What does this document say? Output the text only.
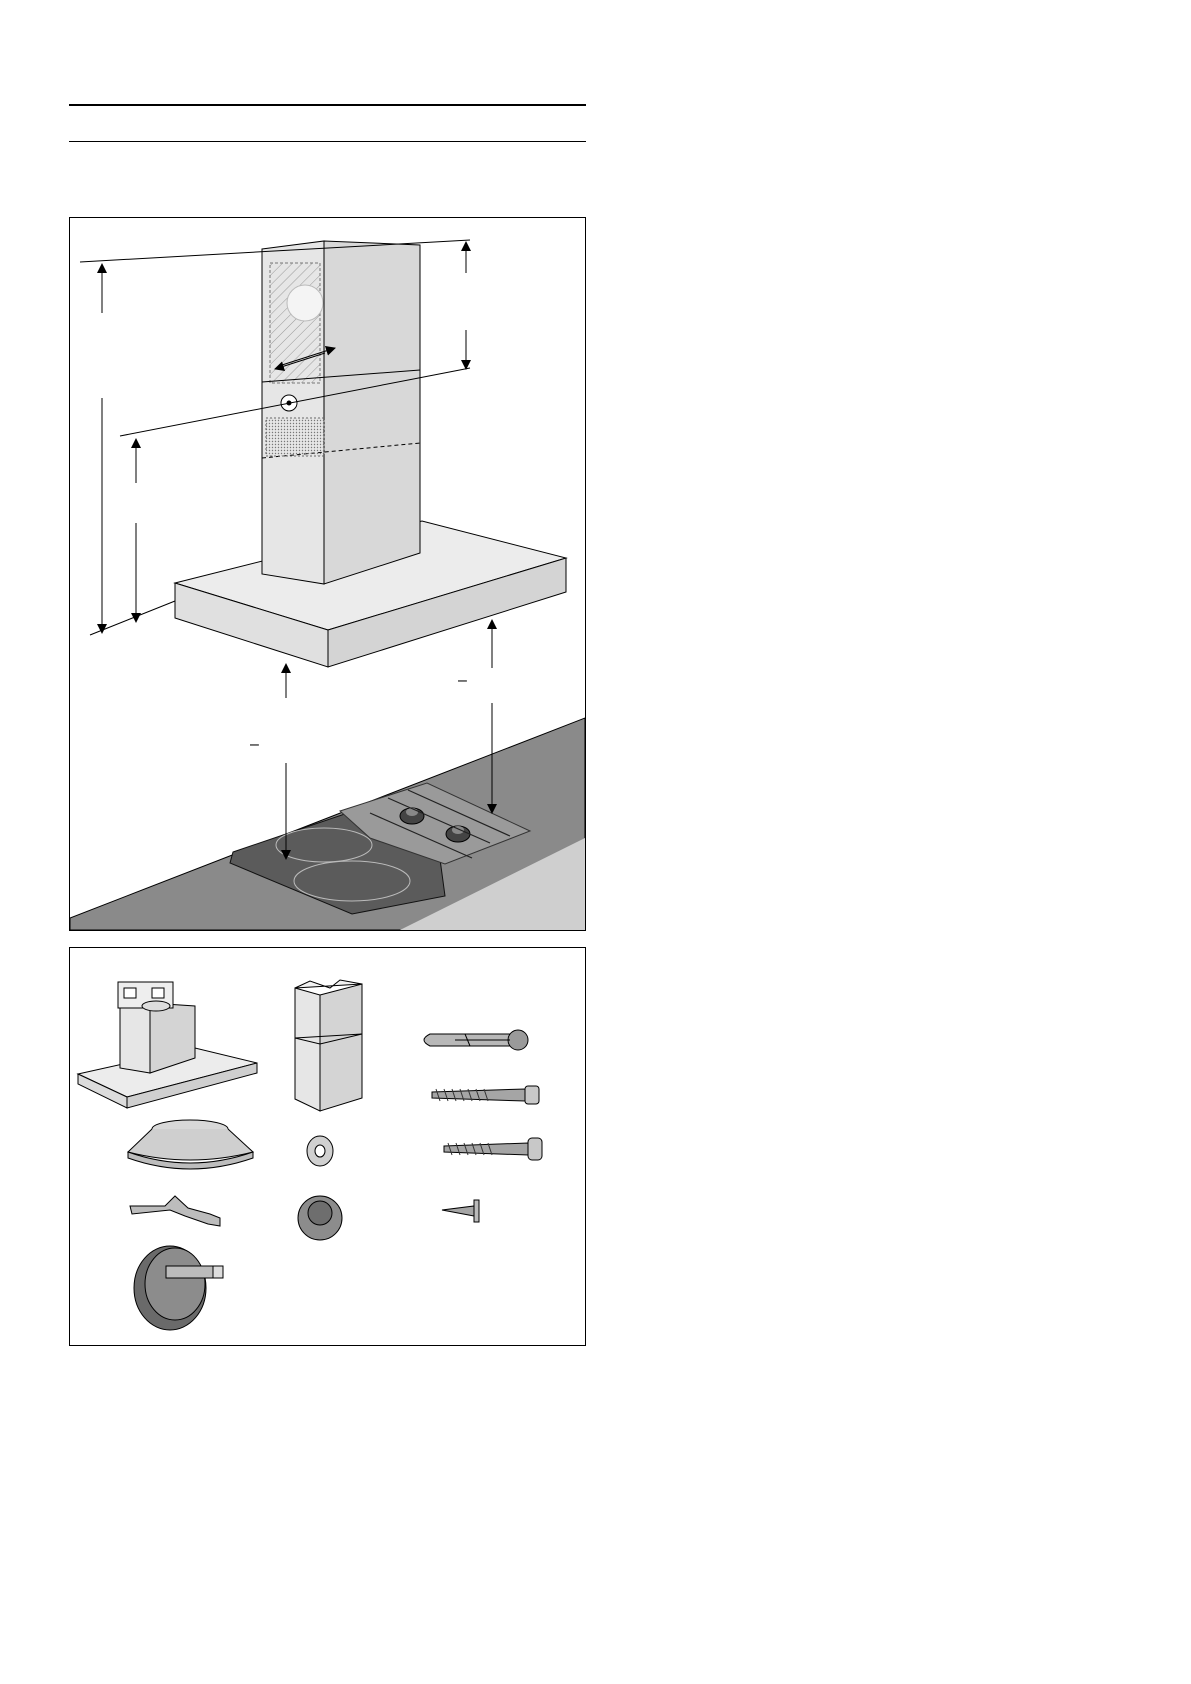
–
–
